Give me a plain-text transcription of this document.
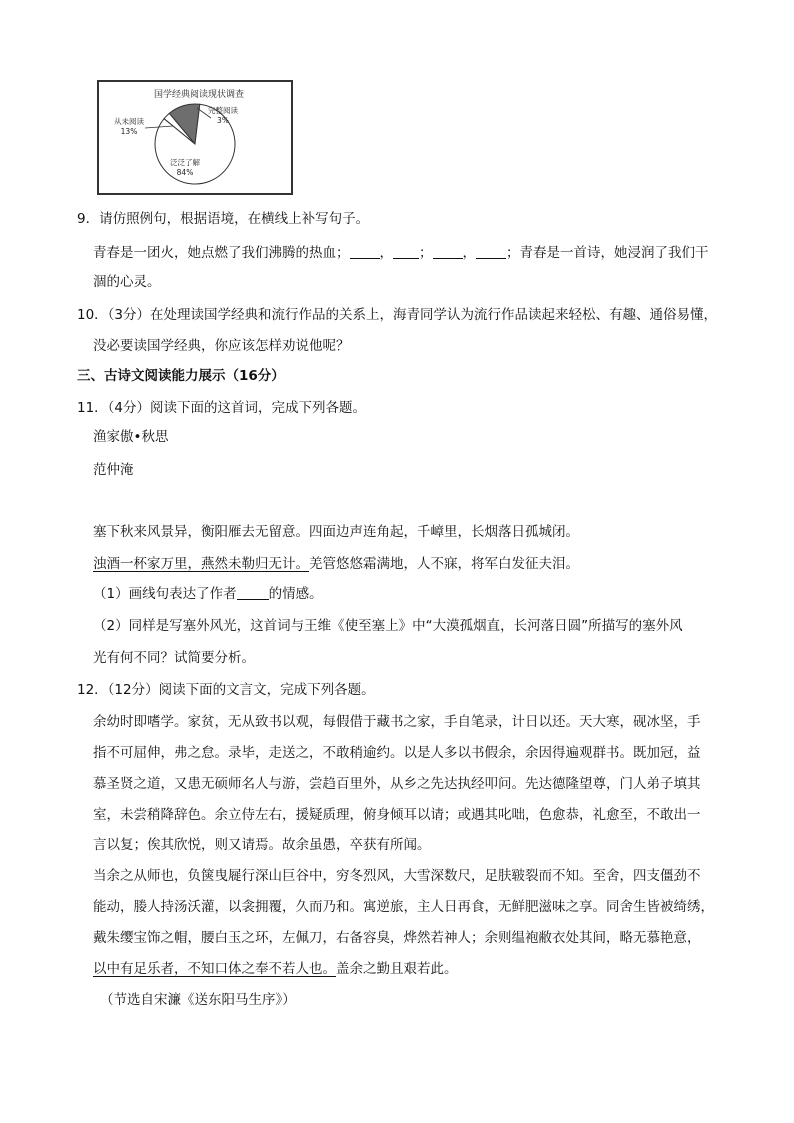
国学经典阅读现状调查
从未阅读
13%
完整阅读
3%
泛泛了解
84%
9．请仿照例句，根据语境，在横线上补写句子。
青春是一团火，她点燃了我们沸腾的热血； ， ； ， ；青春是一首诗，她浸润了我们干
涸的心灵。
10．（3分）在处理读国学经典和流行作品的关系上，海青同学认为流行作品读起来轻松、有趣、通俗易懂，
没必要读国学经典，你应该怎样劝说他呢？
三、古诗文阅读能力展示（16分）
11．（4分）阅读下面的这首词，完成下列各题。
渔家傲•秋思
范仲淹
塞下秋来风景异，衡阳雁去无留意。四面边声连角起，千嶂里，长烟落日孤城闭。
浊酒一杯家万里，燕然未勒归无计。羌管悠悠霜满地，人不寐，将军白发征夫泪。
（1）画线句表达了作者 的情感。
（2）同样是写塞外风光，这首词与王维《使至塞上》中“大漠孤烟直，长河落日圆”所描写的塞外风
光有何不同？试简要分析。
12．（12分）阅读下面的文言文，完成下列各题。
余幼时即嗜学。家贫，无从致书以观，每假借于藏书之家，手自笔录，计日以还。天大寒，砚冰坚，手
指不可屈伸，弗之怠。录毕，走送之，不敢稍逾约。以是人多以书假余，余因得遍观群书。既加冠，益
慕圣贤之道，又患无硕师名人与游，尝趋百里外，从乡之先达执经叩问。先达德隆望尊，门人弟子填其
室，未尝稍降辞色。余立侍左右，援疑质理，俯身倾耳以请；或遇其叱咄，色愈恭，礼愈至，不敢出一
言以复；俟其欣悦，则又请焉。故余虽愚，卒获有所闻。
当余之从师也，负箧曳屣行深山巨谷中，穷冬烈风，大雪深数尺，足肤皲裂而不知。至舍，四支僵劲不
能动，媵人持汤沃灌，以衾拥覆，久而乃和。寓逆旅，主人日再食，无鲜肥滋味之享。同舍生皆被绮绣，
戴朱缨宝饰之帽，腰白玉之环，左佩刀，右备容臭，烨然若神人；余则缊袍敝衣处其间，略无慕艳意，
以中有足乐者，不知口体之奉不若人也。盖余之勤且艰若此。
（节选自宋濂《送东阳马生序》）
